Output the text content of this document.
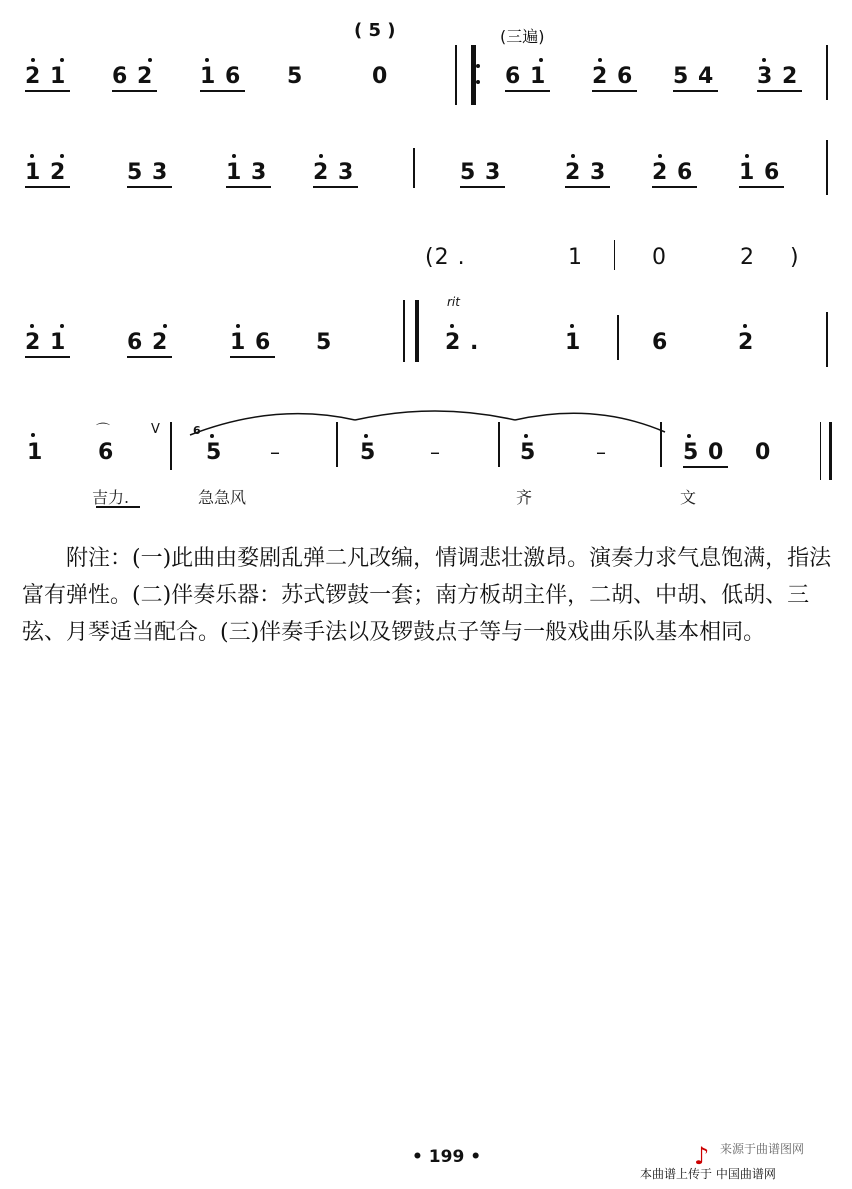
( 5 )	(三遍)
2 1 6 2 1 6 5	0	6 1 2 6 5 4 3 2
1 2	5 3	1 3 2 3	5 3	2 3 2 6 1 6
(2 .	1	0	2 )
2 1	6 2	1 6 5
rit
2 .	1	6	2
1
⌒
6
V	6
5 –	5	–	5	–	5 0 0
吉力.	急急风	齐	文
附注：(一)此曲由婺剧乱弹二凡改编，情调悲壮激昂。演奏力求气息饱满，指法富有弹性。(二)伴奏乐器：苏式锣鼓一套；南方板胡主伴，二胡、中胡、低胡、三弦、月琴适当配合。(三)伴奏手法以及锣鼓点子等与一般戏曲乐队基本相同。
• 199 •	来源于曲谱图网
本曲谱上传于 中国曲谱网
♪
